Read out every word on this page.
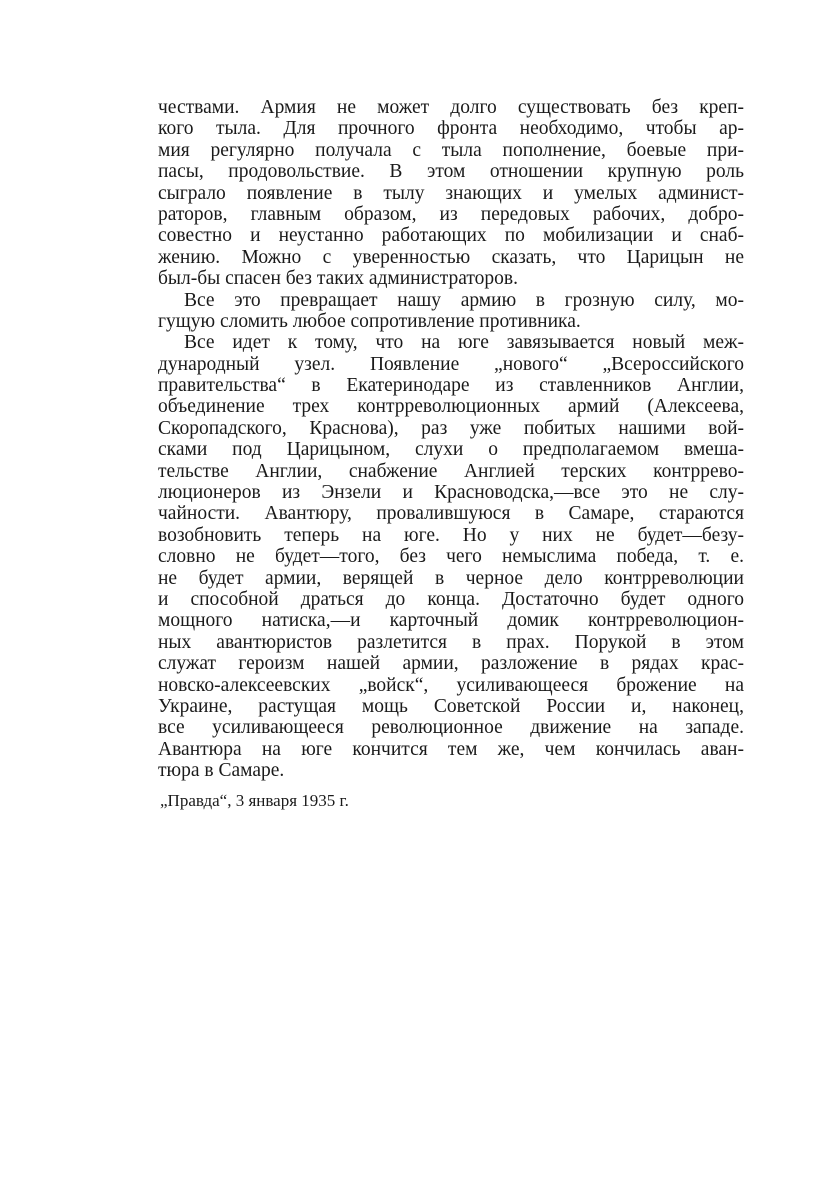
чествами. Армия не может долго существовать без креп-
кого тыла. Для прочного фронта необходимо, чтобы ар-
мия регулярно получала с тыла пополнение, боевые при-
пасы, продовольствие. В этом отношении крупную роль
сыграло появление в тылу знающих и умелых админист-
раторов, главным образом, из передовых рабочих, добро-
совестно и неустанно работающих по мобилизации и снаб-
жению. Можно с уверенностью сказать, что Царицын не
был-бы спасен без таких администраторов.
Все это превращает нашу армию в грозную силу, мо-
гущую сломить любое сопротивление противника.
Все идет к тому, что на юге завязывается новый меж-
дународный узел. Появление „нового“ „Всероссийского
правительства“ в Екатеринодаре из ставленников Англии,
объединение трех контрреволюционных армий (Алексеева,
Скоропадского, Краснова), раз уже побитых нашими вой-
сками под Царицыном, слухи о предполагаемом вмеша-
тельстве Англии, снабжение Англией терских контррево-
люционеров из Энзели и Красноводска,—все это не слу-
чайности. Авантюру, провалившуюся в Самаре, стараются
возобновить теперь на юге. Но у них не будет—безу-
словно не будет—того, без чего немыслима победа, т. е.
не будет армии, верящей в черное дело контрреволюции
и способной драться до конца. Достаточно будет одного
мощного натиска,—и карточный домик контрреволюцион-
ных авантюристов разлетится в прах. Порукой в этом
служат героизм нашей армии, разложение в рядах крас-
новско-алексеевских „войск“, усиливающееся брожение на
Украине, растущая мощь Советской России и, наконец,
все усиливающееся революционное движение на западе.
Авантюра на юге кончится тем же, чем кончилась аван-
тюра в Самаре.
„Правда“, 3 января 1935 г.
